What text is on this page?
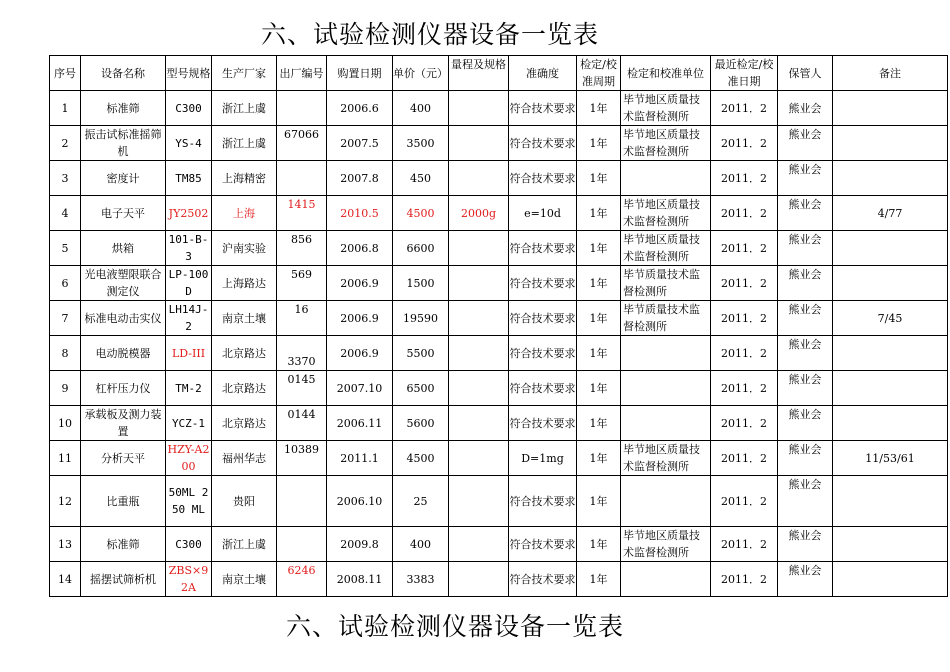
六、试验检测仪器设备一览表
序号	设备名称	型号规格	生产厂家	出厂编号	购置日期	单价（元）	量程及规格	准确度	检定/校准周期	检定和校准单位	最近检定/校准日期	保管人	备注
1	标准筛	C300	浙江上虞		2006.6	400		符合技术要求	1年	毕节地区质量技术监督检测所	2011．2	熊业会	
2	振击试标准摇筛机	YS-4	浙江上虞	67066	2007.5	3500		符合技术要求	1年	毕节地区质量技术监督检测所	2011．2	熊业会	
3	密度计	TM85	上海精密		2007.8	450		符合技术要求	1年		2011．2	熊业会	
4	电子天平	JY2502	上海	1415	2010.5	4500	2000g	e=10d	1年	毕节地区质量技术监督检测所	2011．2	熊业会	4/77
5	烘箱	101-B-3	沪南实验	856	2006.8	6600		符合技术要求	1年	毕节地区质量技术监督检测所	2011．2	熊业会	
6	光电液塑限联合测定仪	LP-100D	上海路达	569	2006.9	1500		符合技术要求	1年	毕节质量技术监督检测所	2011．2	熊业会	
7	标准电动击实仪	LH14J-2	南京土壤	16	2006.9	19590		符合技术要求	1年	毕节质量技术监督检测所	2011．2	熊业会	7/45
8	电动脱模器	LD-III	北京路达	3370	2006.9	5500		符合技术要求	1年		2011．2	熊业会	
9	杠杆压力仪	TM-2	北京路达	0145	2007.10	6500		符合技术要求	1年		2011．2	熊业会	
10	承载板及测力装置	YCZ-1	北京路达	0144	2006.11	5600		符合技术要求	1年		2011．2	熊业会	
11	分析天平	HZY-A200	福州华志	10389	2011.1	4500		D=1mg	1年	毕节地区质量技术监督检测所	2011．2	熊业会	11/53/61
12	比重瓶	50ML 250 ML	贵阳		2006.10	25		符合技术要求	1年		2011．2	熊业会	
13	标准筛	C300	浙江上虞		2009.8	400		符合技术要求	1年	毕节地区质量技术监督检测所	2011．2	熊业会	
14	摇摆试筛析机	ZBS×92A	南京土壤	6246	2008.11	3383		符合技术要求	1年		2011．2	熊业会	
六、试验检测仪器设备一览表
